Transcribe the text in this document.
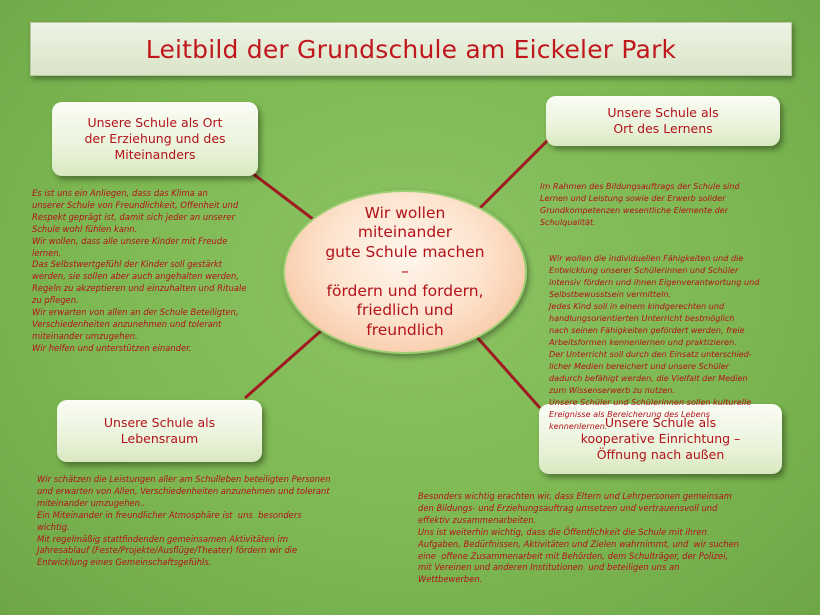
Leitbild der Grundschule am Eickeler Park
Unsere Schule als Ort
der Erziehung und des
Miteinanders
Unsere Schule als
Ort des Lernens
Unsere Schule als
Lebensraum
Unsere Schule als
kooperative Einrichtung –
Öffnung nach außen
Wir wollen
miteinander
gute Schule machen
–
fördern und fordern,
friedlich und
freundlich
Es ist uns ein Anliegen, dass das Klima an
unserer Schule von Freundlichkeit, Offenheit und
Respekt geprägt ist, damit sich jeder an unserer
Schule wohl fühlen kann.
Wir wollen, dass alle unsere Kinder mit Freude
lernen.
Das Selbstwertgefühl der Kinder soll gestärkt
werden, sie sollen aber auch angehalten werden,
Regeln zu akzeptieren und einzuhalten und Rituale
zu pflegen.
Wir erwarten von allen an der Schule Beteiligten,
Verschiedenheiten anzunehmen und tolerant
miteinander umzugehen.
Wir helfen und unterstützen einander.

Im Rahmen des Bildungsauftrags der Schule sind
Lernen und Leistung sowie der Erwerb solider
Grundkompetenzen wesentliche Elemente der
Schulqualität.

Wir wollen die individuellen Fähigkeiten und die
Entwicklung unserer Schülerinnen und Schüler
intensiv fördern und ihnen Eigenverantwortung und
Selbstbewusstsein vermitteln.
Jedes Kind soll in einem kindgerechten und
handlungsorientierten Unterricht bestmöglich
nach seinen Fähigkeiten gefördert werden, freie
Arbeitsformen kennenlernen und praktizieren.
Der Unterricht soll durch den Einsatz unterschied-
licher Medien bereichert und unsere Schüler
dadurch befähigt werden, die Vielfalt der Medien
zum Wissenserwerb zu nutzen.
Unsere Schüler und Schülerinnen sollen kulturelle
Ereignisse als Bereicherung des Lebens
kennenlernen.

Wir schätzen die Leistungen aller am Schulleben beteiligten Personen
und erwarten von Allen, Verschiedenheiten anzunehmen und tolerant
miteinander umzugehen..
Ein Miteinander in freundlicher Atmosphäre ist  uns  besonders
wichtig.
Mit regelmäßig stattfindenden gemeinsamen Aktivitäten im
Jahresablauf (Feste/Projekte/Ausflüge/Theater) fördern wir die
Entwicklung eines Gemeinschaftsgefühls.
Besonders wichtig erachten wir, dass Eltern und Lehrpersonen gemeinsam
den Bildungs- und Erziehungsauftrag umsetzen und vertrauensvoll und
effektiv zusammenarbeiten.
Uns ist weiterhin wichtig, dass die Öffentlichkeit die Schule mit ihren
Aufgaben, Bedürfnissen, Aktivitäten und Zielen wahrnimmt, und  wir suchen
eine  offene Zusammenarbeit mit Behörden, dem Schulträger, der Polizei,
mit Vereinen und anderen Institutionen  und beteiligen uns an
Wettbewerben.
